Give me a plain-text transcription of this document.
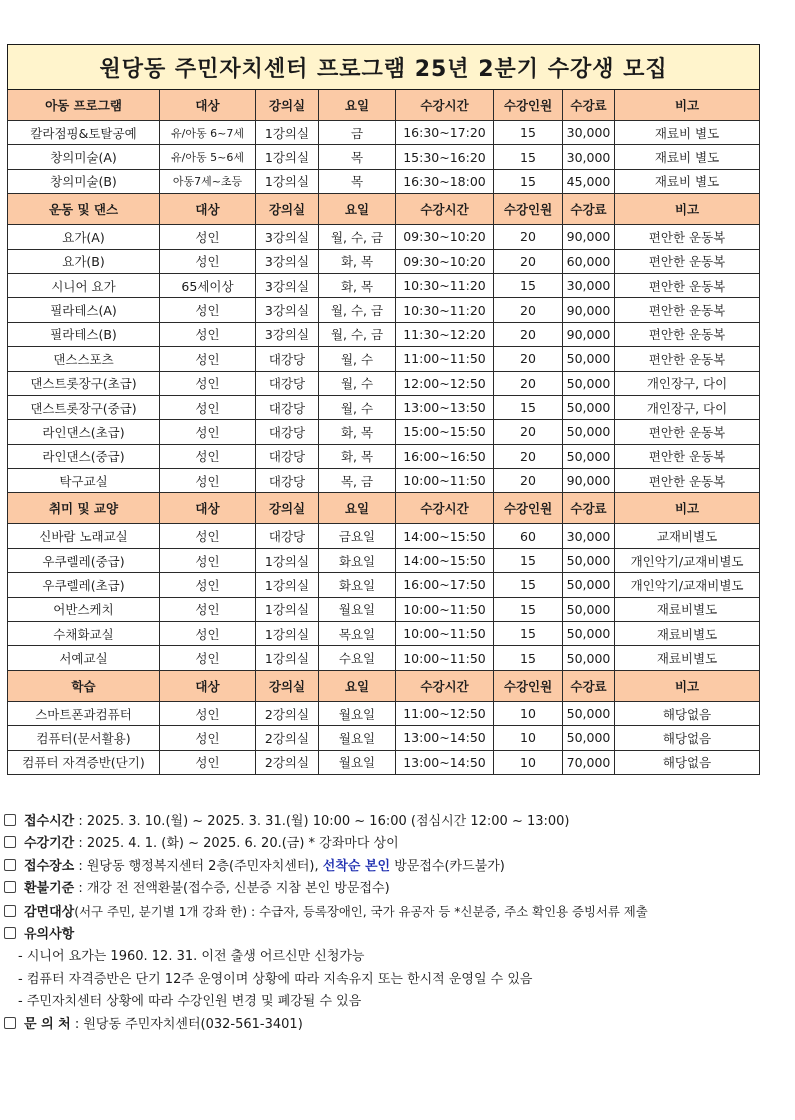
원당동 주민자치센터 프로그램 25년 2분기 수강생 모집							
아동 프로그램	대상	강의실	요일	수강시간	수강인원	수강료	비고
칼라점핑&토탈공예	유/아동 6~7세	1강의실	금	16:30~17:20	15	30,000	재료비 별도
창의미술(A)	유/아동 5~6세	1강의실	목	15:30~16:20	15	30,000	재료비 별도
창의미술(B)	아동7세~초등	1강의실	목	16:30~18:00	15	45,000	재료비 별도
운동 및 댄스	대상	강의실	요일	수강시간	수강인원	수강료	비고
요가(A)	성인	3강의실	월, 수, 금	09:30~10:20	20	90,000	편안한 운동복
요가(B)	성인	3강의실	화, 목	09:30~10:20	20	60,000	편안한 운동복
시니어 요가	65세이상	3강의실	화, 목	10:30~11:20	15	30,000	편안한 운동복
필라테스(A)	성인	3강의실	월, 수, 금	10:30~11:20	20	90,000	편안한 운동복
필라테스(B)	성인	3강의실	월, 수, 금	11:30~12:20	20	90,000	편안한 운동복
댄스스포츠	성인	대강당	월, 수	11:00~11:50	20	50,000	편안한 운동복
댄스트롯장구(초급)	성인	대강당	월, 수	12:00~12:50	20	50,000	개인장구, 다이
댄스트롯장구(중급)	성인	대강당	월, 수	13:00~13:50	15	50,000	개인장구, 다이
라인댄스(초급)	성인	대강당	화, 목	15:00~15:50	20	50,000	편안한 운동복
라인댄스(중급)	성인	대강당	화, 목	16:00~16:50	20	50,000	편안한 운동복
탁구교실	성인	대강당	목, 금	10:00~11:50	20	90,000	편안한 운동복
취미 및 교양	대상	강의실	요일	수강시간	수강인원	수강료	비고
신바람 노래교실	성인	대강당	금요일	14:00~15:50	60	30,000	교재비별도
우쿠렐레(중급)	성인	1강의실	화요일	14:00~15:50	15	50,000	개인악기/교재비별도
우쿠렐레(초급)	성인	1강의실	화요일	16:00~17:50	15	50,000	개인악기/교재비별도
어반스케치	성인	1강의실	월요일	10:00~11:50	15	50,000	재료비별도
수채화교실	성인	1강의실	목요일	10:00~11:50	15	50,000	재료비별도
서예교실	성인	1강의실	수요일	10:00~11:50	15	50,000	재료비별도
학습	대상	강의실	요일	수강시간	수강인원	수강료	비고
스마트폰과컴퓨터	성인	2강의실	월요일	11:00~12:50	10	50,000	해당없음
컴퓨터(문서활용)	성인	2강의실	월요일	13:00~14:50	10	50,000	해당없음
컴퓨터 자격증반(단기)	성인	2강의실	월요일	13:00~14:50	10	70,000	해당없음
접수시간 : 2025. 3. 10.(월) ~ 2025. 3. 31.(월) 10:00 ~ 16:00 (점심시간 12:00 ~ 13:00)
수강기간 : 2025. 4. 1. (화) ~ 2025. 6. 20.(금) * 강좌마다 상이
접수장소 : 원당동 행정복지센터 2층(주민자치센터), 선착순 본인 방문접수(카드불가)
환불기준 : 개강 전 전액환불(접수증, 신분증 지참 본인 방문접수)
감면대상(서구 주민, 분기별 1개 강좌 한) : 수급자, 등록장애인, 국가 유공자 등 *신분증, 주소 확인용 증빙서류 제출
유의사항
- 시니어 요가는 1960. 12. 31. 이전 출생 어르신만 신청가능
- 컴퓨터 자격증반은 단기 12주 운영이며 상황에 따라 지속유지 또는 한시적 운영일 수 있음
- 주민자치센터 상황에 따라 수강인원 변경 및 폐강될 수 있음
문 의 처 : 원당동 주민자치센터(032-561-3401)
